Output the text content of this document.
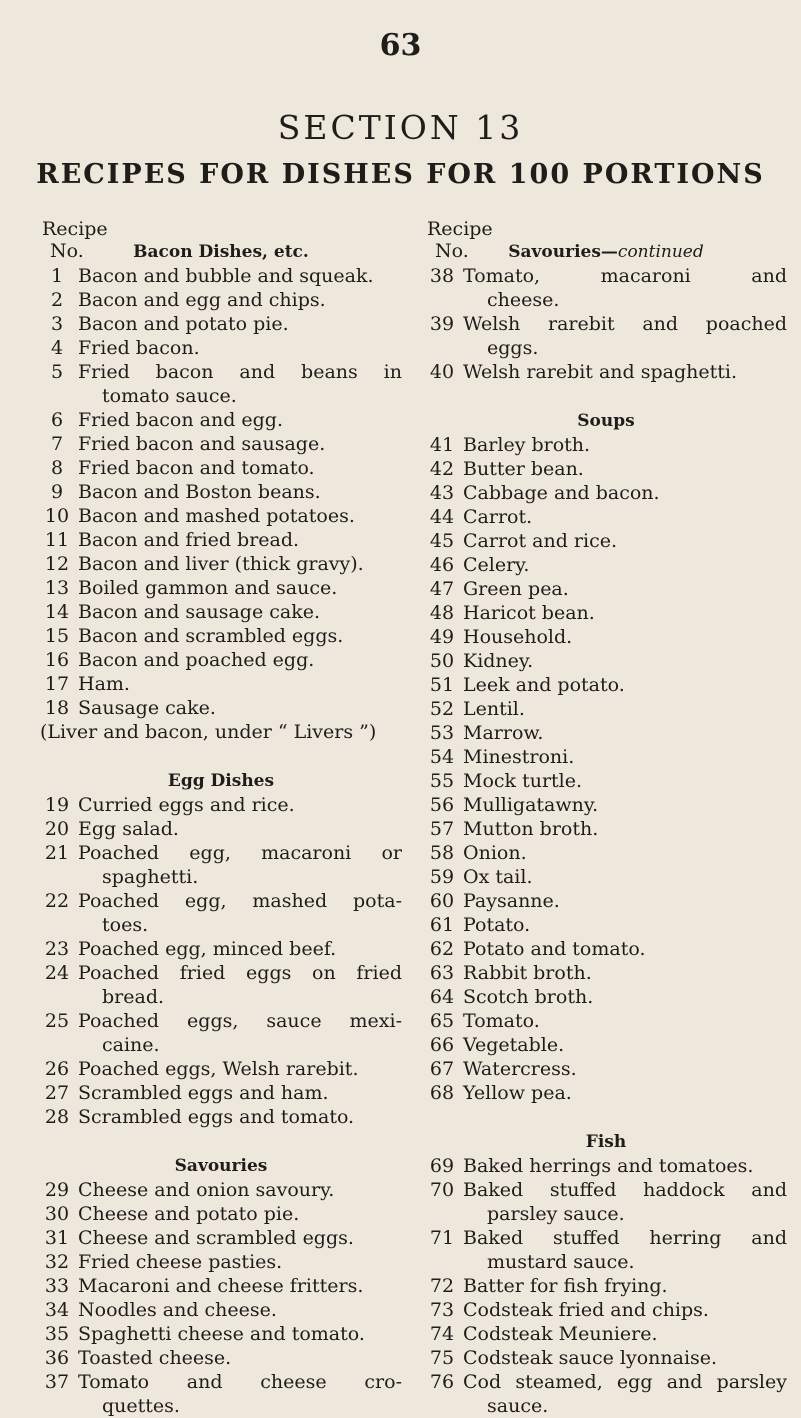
63
SECTION 13
RECIPES FOR DISHES FOR 100 PORTIONS
Recipe
No.	Bacon Dishes, etc.
1 Bacon and bubble and squeak.
2 Bacon and egg and chips.
3 Bacon and potato pie.
4 Fried bacon.
5 Fried bacon and beans in
tomato sauce.
6 Fried bacon and egg.
7 Fried bacon and sausage.
8 Fried bacon and tomato.
9 Bacon and Boston beans.
10 Bacon and mashed potatoes.
11 Bacon and fried bread.
12 Bacon and liver (thick gravy).
13 Boiled gammon and sauce.
14 Bacon and sausage cake.
15 Bacon and scrambled eggs.
16 Bacon and poached egg.
17 Ham.
18 Sausage cake.
(Liver and bacon, under “ Livers ”)
Egg Dishes
19 Curried eggs and rice.
20 Egg salad.
21 Poached egg, macaroni or
spaghetti.
22 Poached egg, mashed pota-
toes.
23 Poached egg, minced beef.
24 Poached fried eggs on fried
bread.
25 Poached eggs, sauce mexi-
caine.
26 Poached eggs, Welsh rarebit.
27 Scrambled eggs and ham.
28 Scrambled eggs and tomato.
Savouries
29 Cheese and onion savoury.
30 Cheese and potato pie.
31 Cheese and scrambled eggs.
32 Fried cheese pasties.
33 Macaroni and cheese fritters.
34 Noodles and cheese.
35 Spaghetti cheese and tomato.
36 Toasted cheese.
37 Tomato and cheese cro-
quettes.
Recipe
No.	Savouries—continued
38 Tomato, macaroni and
cheese.
39 Welsh rarebit and poached
eggs.
40 Welsh rarebit and spaghetti.
Soups
41 Barley broth.
42 Butter bean.
43 Cabbage and bacon.
44 Carrot.
45 Carrot and rice.
46 Celery.
47 Green pea.
48 Haricot bean.
49 Household.
50 Kidney.
51 Leek and potato.
52 Lentil.
53 Marrow.
54 Minestroni.
55 Mock turtle.
56 Mulligatawny.
57 Mutton broth.
58 Onion.
59 Ox tail.
60 Paysanne.
61 Potato.
62 Potato and tomato.
63 Rabbit broth.
64 Scotch broth.
65 Tomato.
66 Vegetable.
67 Watercress.
68 Yellow pea.
Fish
69 Baked herrings and tomatoes.
70 Baked stuffed haddock and
parsley sauce.
71 Baked stuffed herring and
mustard sauce.
72 Batter for fish frying.
73 Codsteak fried and chips.
74 Codsteak Meuniere.
75 Codsteak sauce lyonnaise.
76 Cod steamed, egg and parsley
sauce.
